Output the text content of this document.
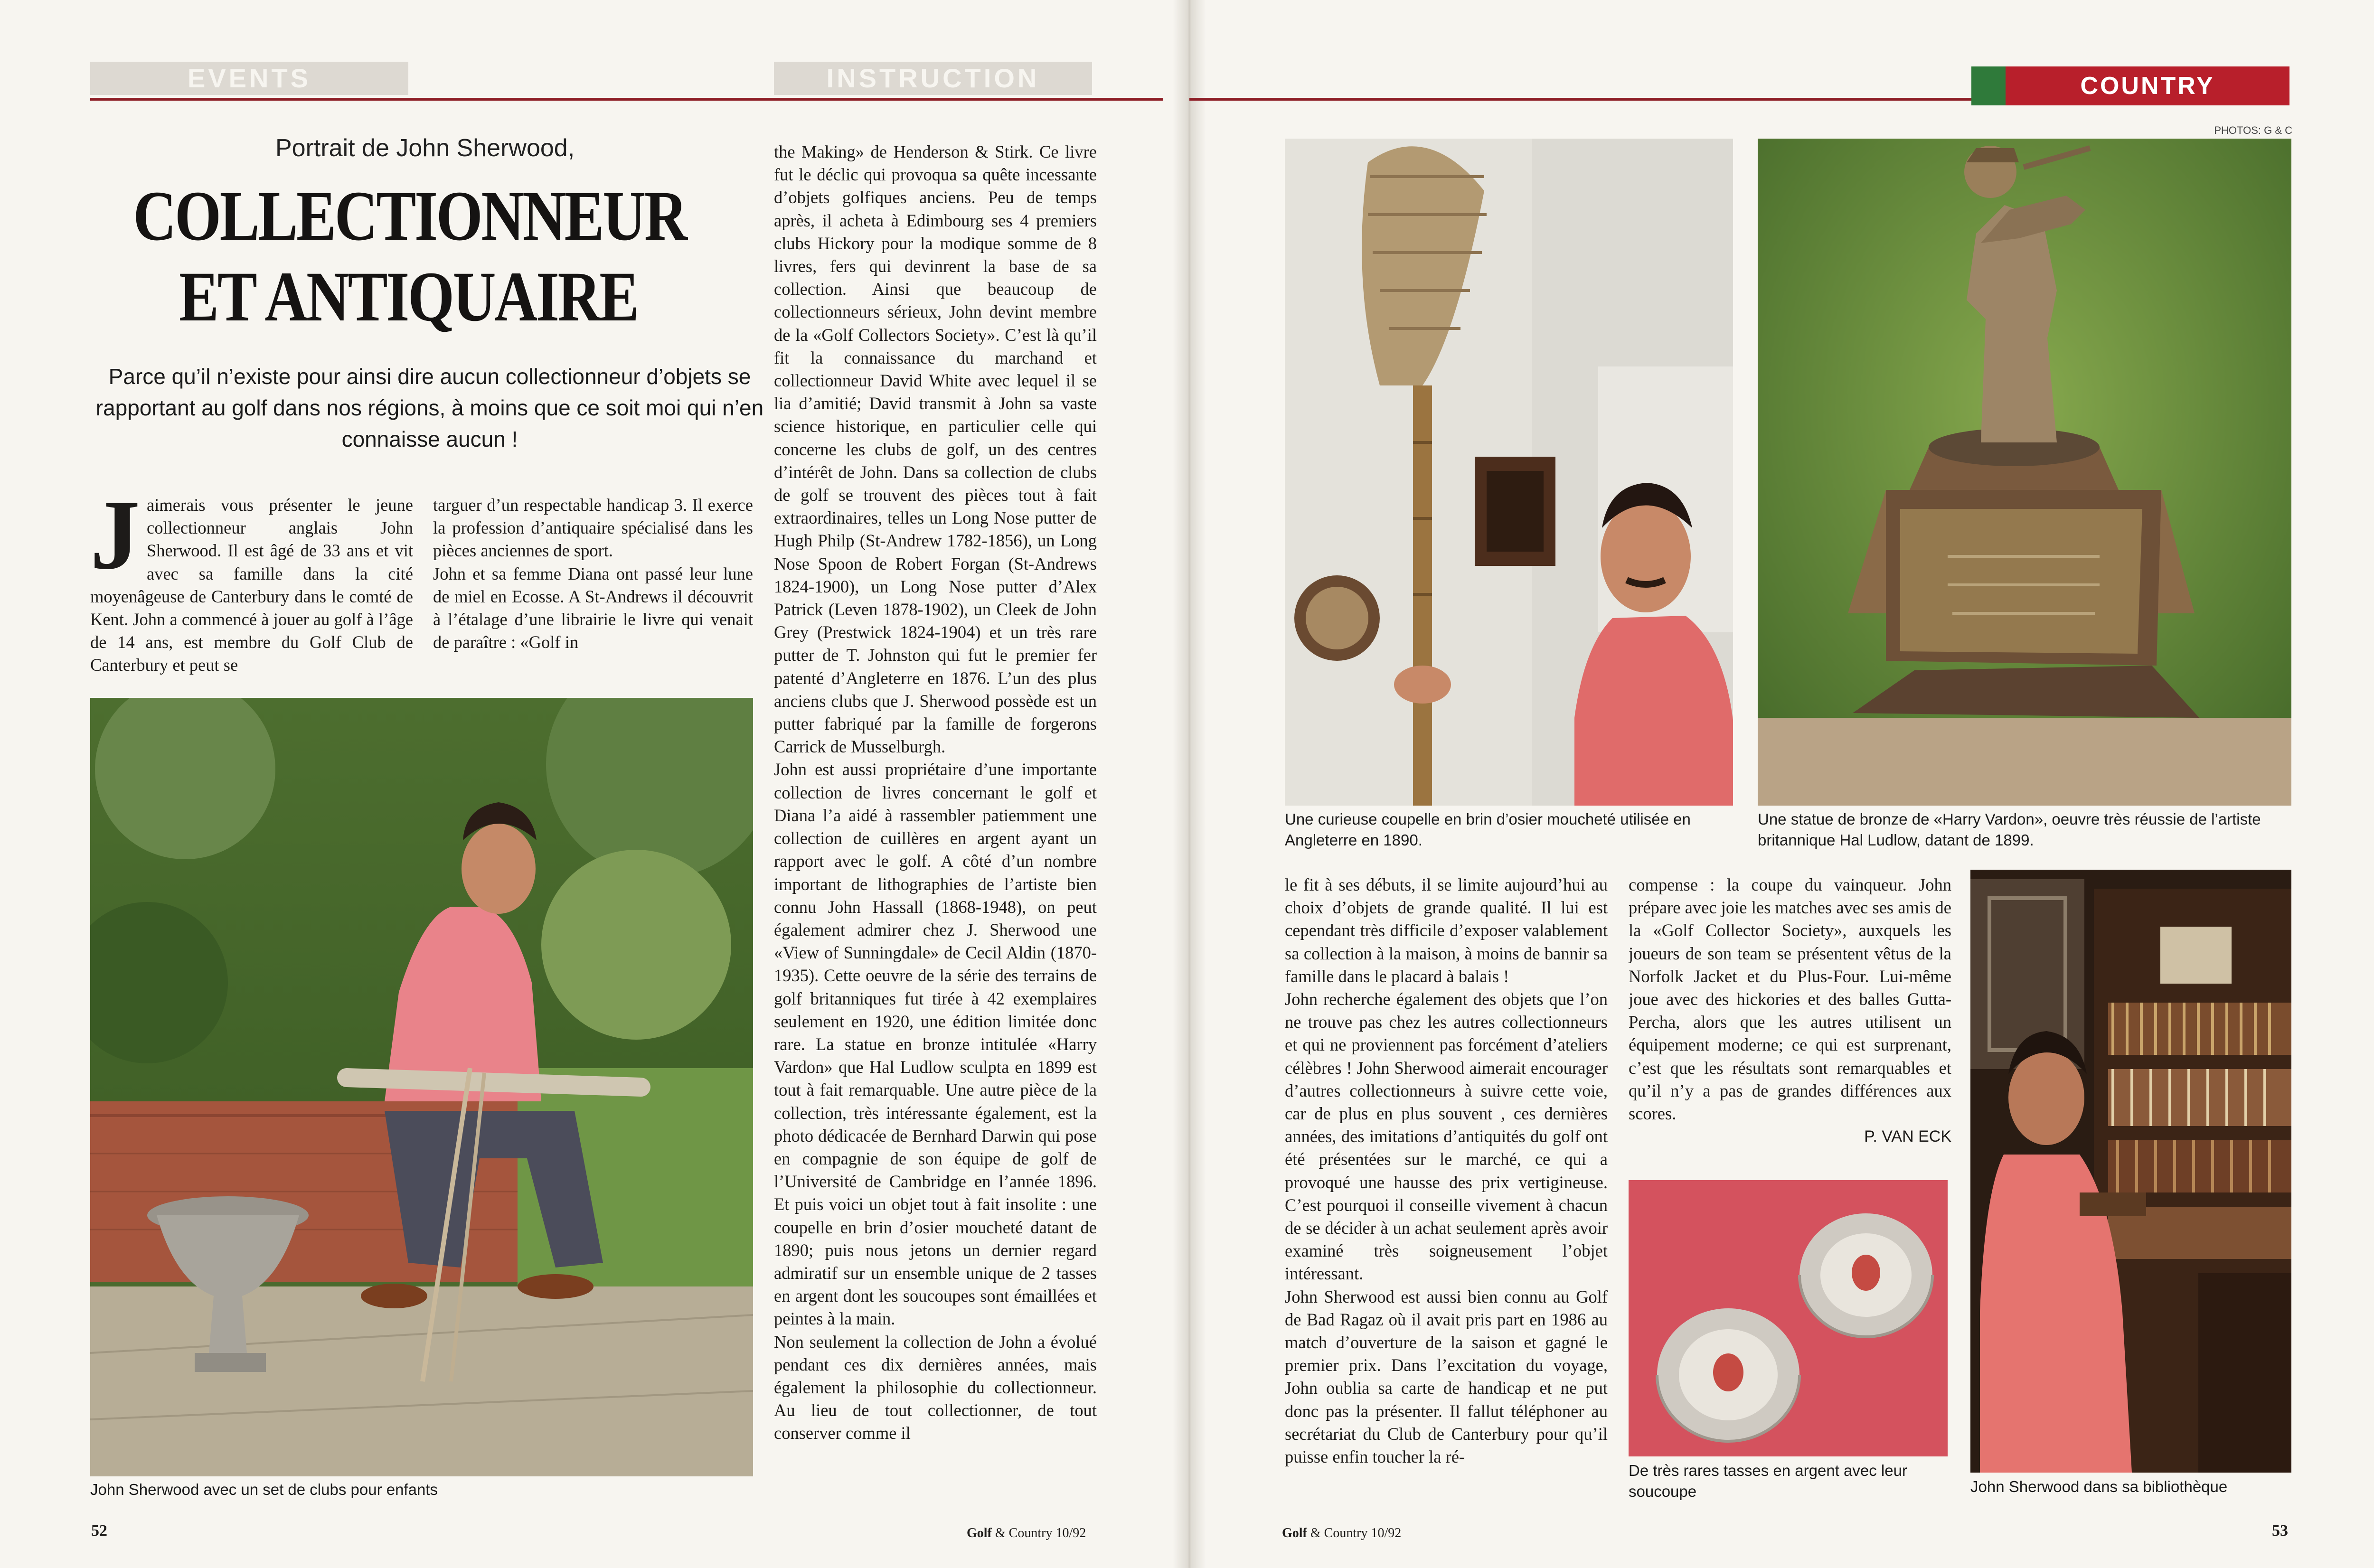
EVENTS	INSTRUCTION	COUNTRY
PHOTOS: G & C
Portrait de John Sherwood,
COLLECTIONNEUR
ET ANTIQUAIRE
Parce qu’il n’existe pour ainsi dire aucun collectionneur d’objets se rapportant au golf dans nos régions, à moins que ce soit moi qui n’en connaisse aucun !
J aimerais vous présenter le jeune collectionneur anglais John Sherwood. Il est âgé de 33 ans et vit avec sa famille dans la cité moyenâgeuse de Canterbury dans le comté de Kent. John a commencé à jouer au golf à l’âge de 14 ans, est membre du Golf Club de Canterbury et peut se

targuer d’un respectable handicap 3. Il exerce la profession d’antiquaire spécialisé dans les pièces anciennes de sport.

John et sa femme Diana ont passé leur lune de miel en Ecosse. A St-Andrews il découvrit à l’étalage d’une librairie le livre qui venait de paraître : «Golf in

the Making» de Henderson & Stirk. Ce livre fut le déclic qui provoqua sa quête incessante d’objets golfiques anciens. Peu de temps après, il acheta à Edimbourg ses 4 premiers clubs Hickory pour la modique somme de 8 livres, fers qui devinrent la base de sa collection. Ainsi que beaucoup de collectionneurs sérieux, John devint membre de la «Golf Collectors Society». C’est là qu’il fit la connaissance du marchand et collectionneur David White avec lequel il se lia d’amitié; David transmit à John sa vaste science historique, en particulier celle qui concerne les clubs de golf, un des centres d’intérêt de John. Dans sa collection de clubs de golf se trouvent des pièces tout à fait extraordinaires, telles un Long Nose putter de Hugh Philp (St-Andrew 1782-1856), un Long Nose Spoon de Robert Forgan (St-Andrews 1824-1900), un Long Nose putter d’Alex Patrick (Leven 1878-1902), un Cleek de John Grey (Prestwick 1824-1904) et un très rare putter de T. Johnston qui fut le premier fer patenté d’Angleterre en 1876. L’un des plus anciens clubs que J. Sherwood possède est un putter fabriqué par la famille de forgerons Carrick de Musselburgh.

John est aussi propriétaire d’une importante collection de livres concernant le golf et Diana l’a aidé à rassembler patiemment une collection de cuillères en argent ayant un rapport avec le golf. A côté d’un nombre important de lithographies de l’artiste bien connu John Hassall (1868-1948), on peut également admirer chez J. Sherwood une «View of Sunningdale» de Cecil Aldin (1870-1935). Cette oeuvre de la série des terrains de golf britanniques fut tirée à 42 exemplaires seulement en 1920, une édition limitée donc rare. La statue en bronze intitulée «Harry Vardon» que Hal Ludlow sculpta en 1899 est tout à fait remarquable. Une autre pièce de la collection, très intéressante également, est la photo dédicacée de Bernhard Darwin qui pose en compagnie de son équipe de golf de l’Université de Cambridge en l’année 1896. Et puis voici un objet tout à fait insolite : une coupelle en brin d’osier moucheté datant de 1890; puis nous jetons un dernier regard admiratif sur un ensemble unique de 2 tasses en argent dont les soucoupes sont émaillées et peintes à la main.

Non seulement la collection de John a évolué pendant ces dix dernières années, mais également la philosophie du collectionneur. Au lieu de tout collectionner, de tout conserver comme il

John Sherwood avec un set de clubs pour enfants
Une curieuse coupelle en brin d’osier moucheté utilisée en Angleterre en 1890.
Une statue de bronze de «Harry Vardon», oeuvre très réussie de l’artiste britannique Hal Ludlow, datant de 1899.

le fit à ses débuts, il se limite aujourd’hui au choix d’objets de grande qualité. Il lui est cependant très difficile d’exposer valablement sa collection à la maison, à moins de bannir sa famille dans le placard à balais !

John recherche également des objets que l’on ne trouve pas chez les autres collectionneurs et qui ne proviennent pas forcément d’ateliers célèbres ! John Sherwood aimerait encourager d’autres collectionneurs à suivre cette voie, car de plus en plus souvent , ces dernières années, des imitations d’antiquités du golf ont été présentées sur le marché, ce qui a provoqué une hausse des prix vertigineuse. C’est pourquoi il conseille vivement à chacun de se décider à un achat seulement après avoir examiné très soigneusement l’objet intéressant.

John Sherwood est aussi bien connu au Golf de Bad Ragaz où il avait pris part en 1986 au match d’ouverture de la saison et gagné le premier prix. Dans l’excitation du voyage, John oublia sa carte de handicap et ne put donc pas la présenter. Il fallut téléphoner au secrétariat du Club de Canterbury pour qu’il puisse enfin toucher la ré-

compense : la coupe du vainqueur. John prépare avec joie les matches avec ses amis de la «Golf Collector Society», auxquels les joueurs de son team se présentent vêtus de la Norfolk Jacket et du Plus-Four. Lui-même joue avec des hickories et des balles Gutta-Percha, alors que les autres utilisent un équipement moderne; ce qui est surprenant, c’est que les résultats sont remarquables et qu’il n’y a pas de grandes différences aux scores.

P. VAN ECK

De très rares tasses en argent avec leur soucoupe	John Sherwood dans sa bibliothèque
52	Golf & Country 10/92	Golf & Country 10/92	53
